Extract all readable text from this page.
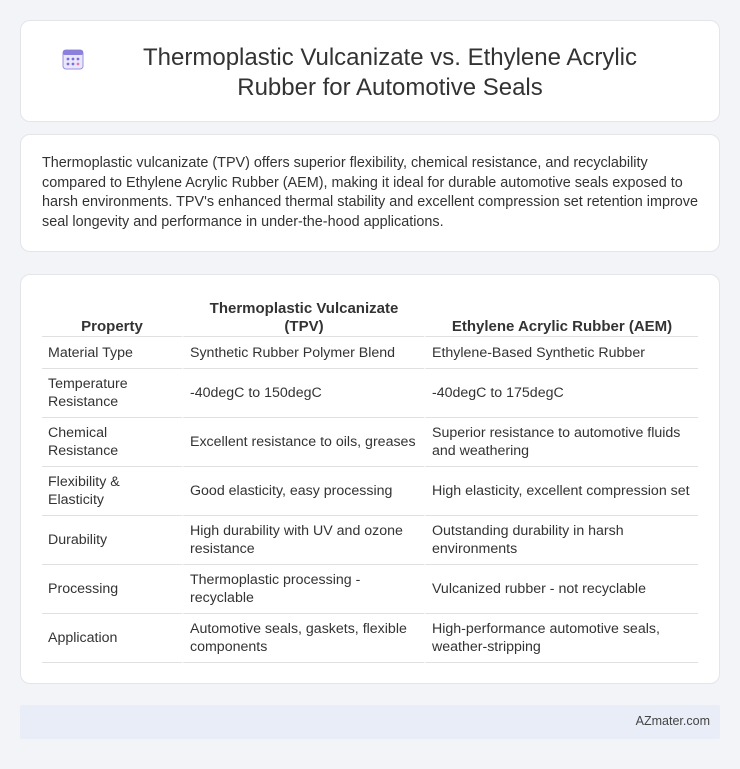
Thermoplastic Vulcanizate vs. Ethylene Acrylic Rubber for Automotive Seals

Thermoplastic vulcanizate (TPV) offers superior flexibility, chemical resistance, and recyclability compared to Ethylene Acrylic Rubber (AEM), making it ideal for durable automotive seals exposed to harsh environments. TPV's enhanced thermal stability and excellent compression set retention improve seal longevity and performance in under-the-hood applications.

Property	Thermoplastic Vulcanizate (TPV)	Ethylene Acrylic Rubber (AEM)
Material Type	Synthetic Rubber Polymer Blend	Ethylene-Based Synthetic Rubber
Temperature Resistance	-40degC to 150degC	-40degC to 175degC
Chemical Resistance	Excellent resistance to oils, greases	Superior resistance to automotive fluids and weathering
Flexibility & Elasticity	Good elasticity, easy processing	High elasticity, excellent compression set
Durability	High durability with UV and ozone resistance	Outstanding durability in harsh environments
Processing	Thermoplastic processing - recyclable	Vulcanized rubber - not recyclable
Application	Automotive seals, gaskets, flexible components	High-performance automotive seals, weather-stripping
AZmater.com
